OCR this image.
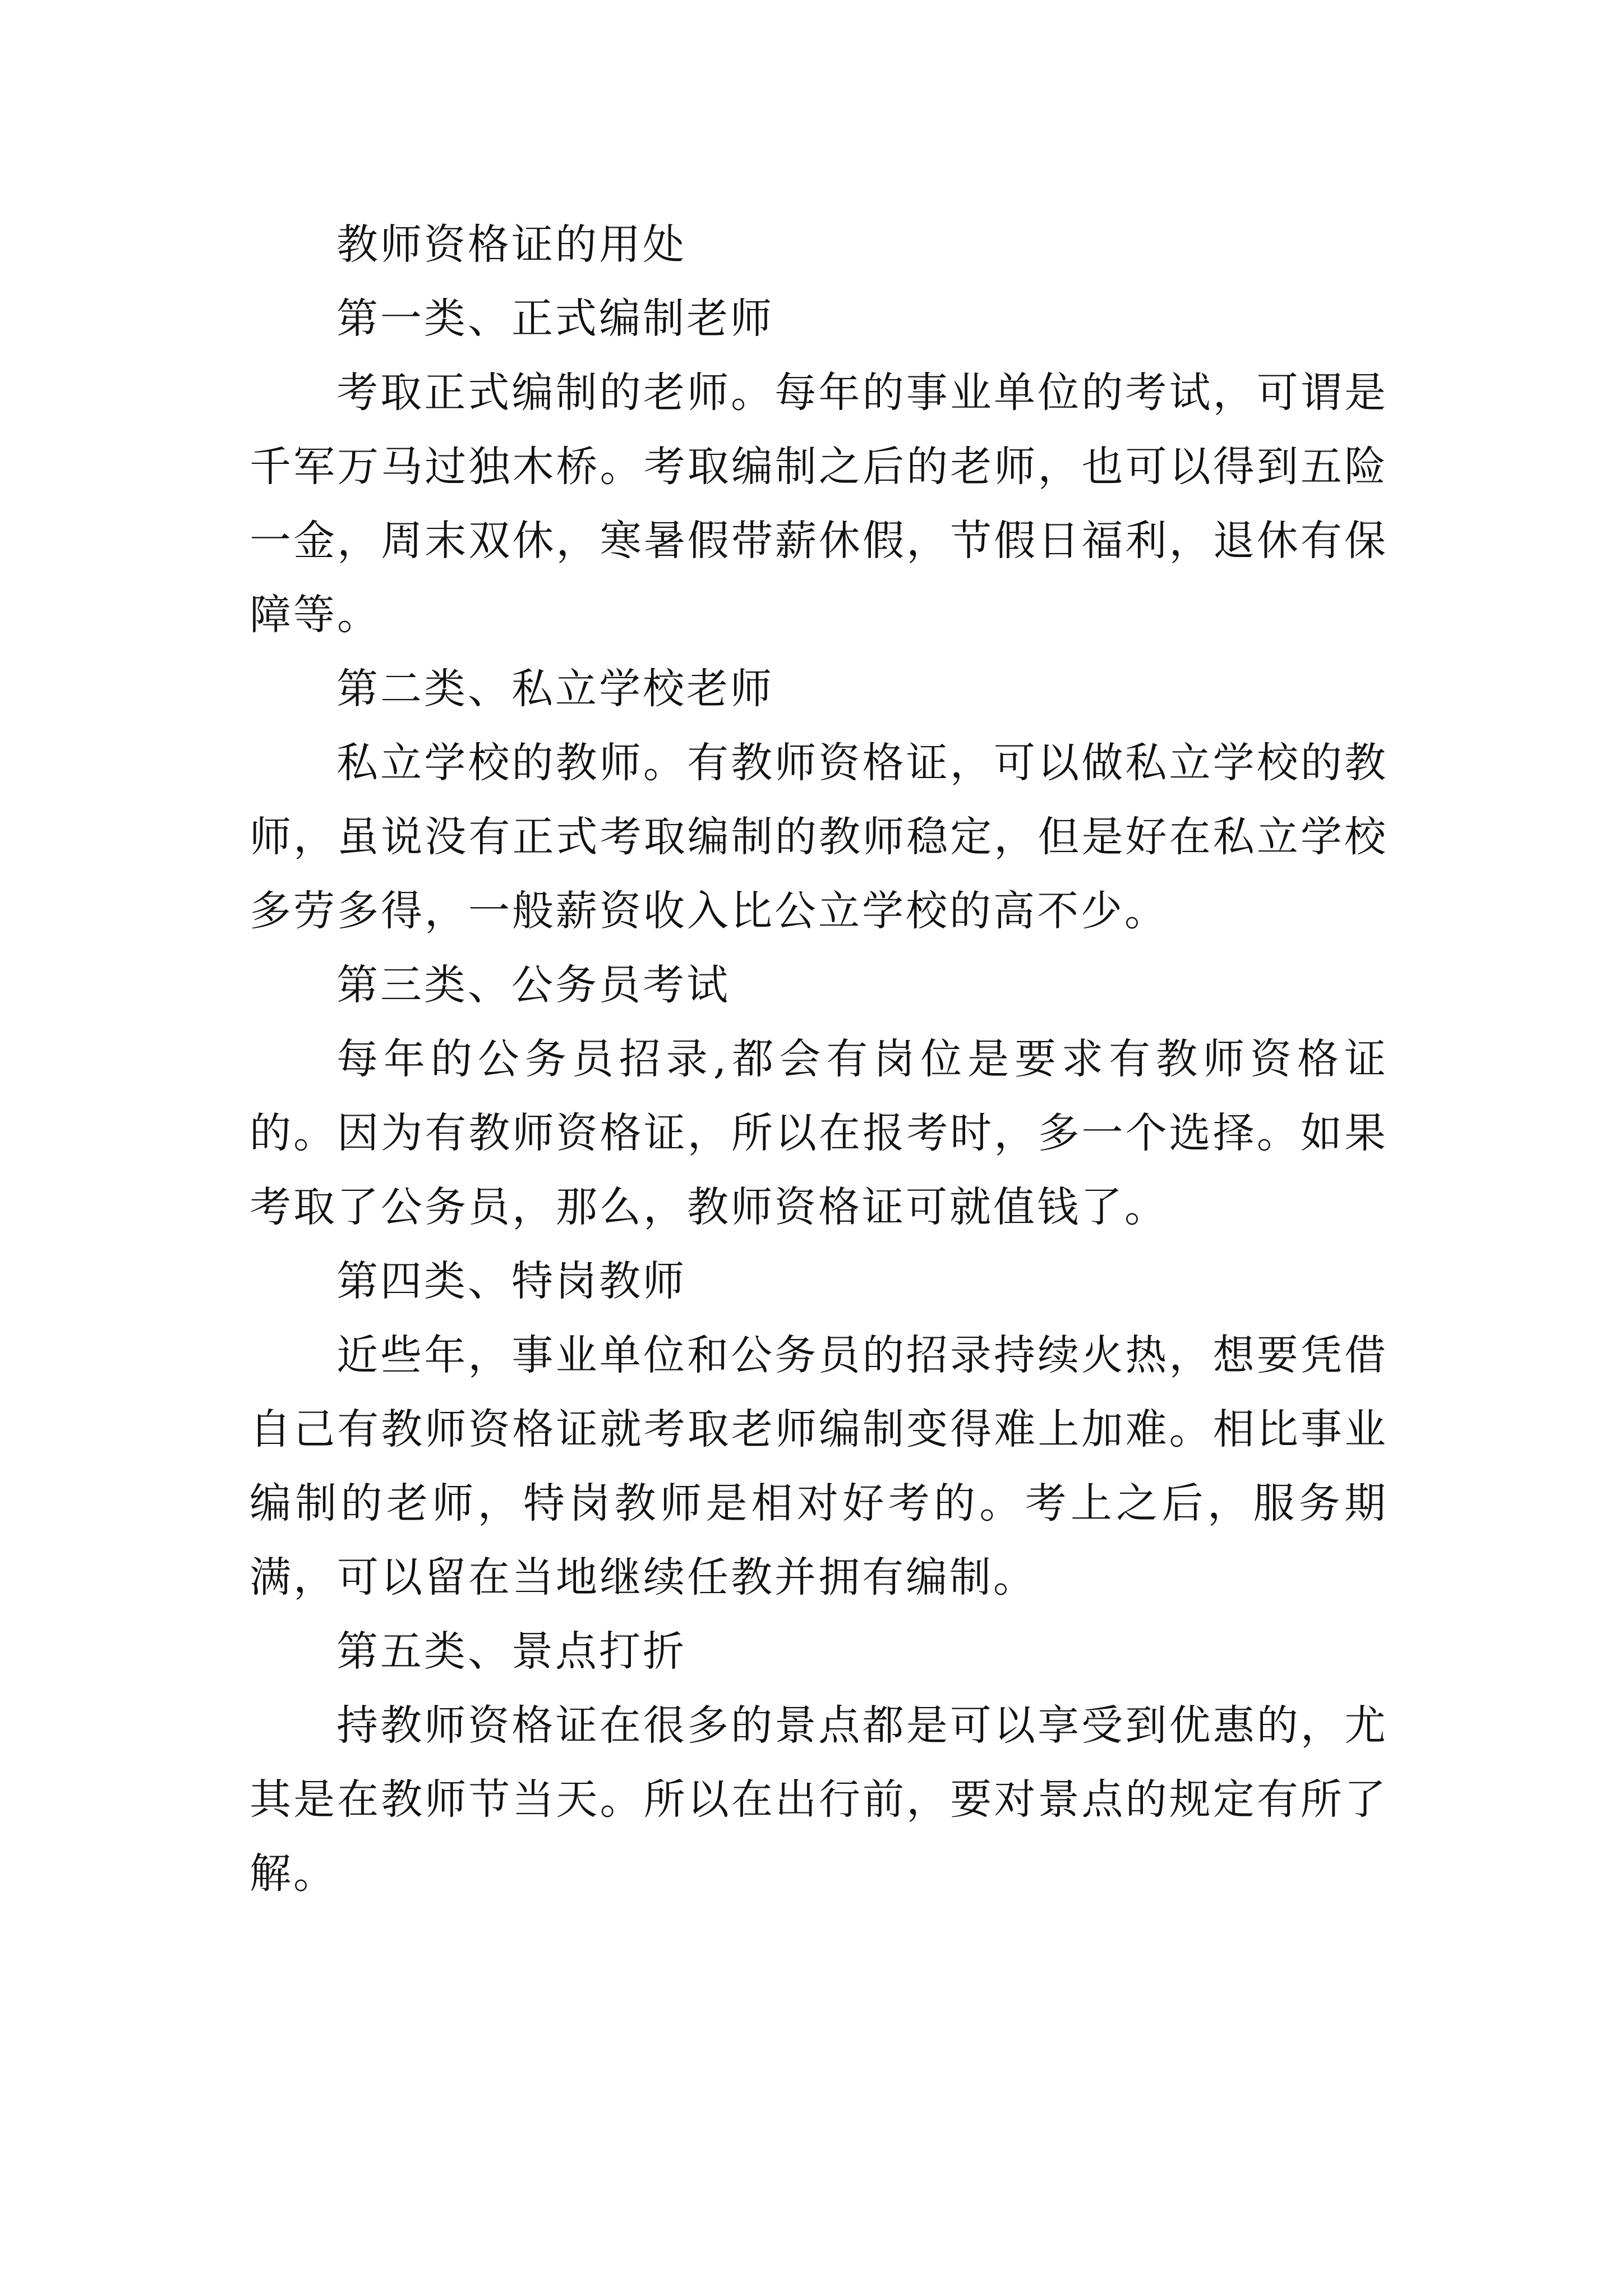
教师资格证的用处

第一类、正式编制老师

考取正式编制的老师。每年的事业单位的考试，可谓是千军万马过独木桥。考取编制之后的老师，也可以得到五险一金，周末双休，寒暑假带薪休假，节假日福利，退休有保障等。

第二类、私立学校老师

私立学校的教师。有教师资格证，可以做私立学校的教师，虽说没有正式考取编制的教师稳定，但是好在私立学校多劳多得，一般薪资收入比公立学校的高不少。

第三类、公务员考试

每年的公务员招录,都会有岗位是要求有教师资格证的。因为有教师资格证，所以在报考时，多一个选择。如果考取了公务员，那么，教师资格证可就值钱了。

第四类、特岗教师

近些年，事业单位和公务员的招录持续火热，想要凭借自己有教师资格证就考取老师编制变得难上加难。相比事业编制的老师，特岗教师是相对好考的。考上之后，服务期满，可以留在当地继续任教并拥有编制。

第五类、景点打折

持教师资格证在很多的景点都是可以享受到优惠的，尤其是在教师节当天。所以在出行前，要对景点的规定有所了解。
